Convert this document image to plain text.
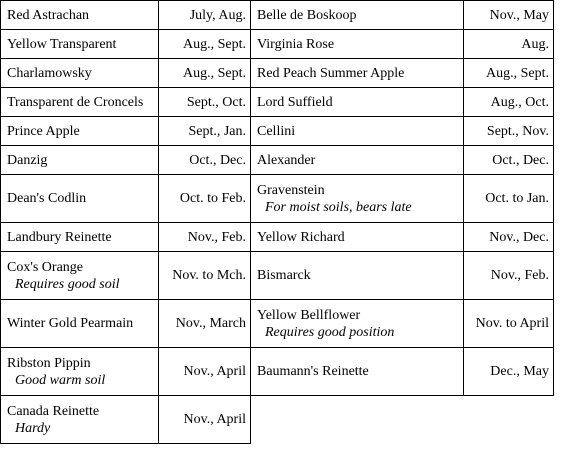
Red Astrachan	July, Aug.	Belle de Boskoop	Nov., May

Yellow Transparent	Aug., Sept.	Virginia Rose	Aug.

Charlamowsky	Aug., Sept.	Red Peach Summer Apple	Aug., Sept.

Transparent de Croncels	Sept., Oct.	Lord Suffield	Aug., Oct.

Prince Apple	Sept., Jan.	Cellini	Sept., Nov.

Danzig	Oct., Dec.	Alexander	Oct., Dec.

Dean's Codlin	Oct. to Feb.	Gravenstein
For moist soils, bears late	Oct. to Jan.

Landbury Reinette	Nov., Feb.	Yellow Richard	Nov., Dec.

Cox's Orange
Requires good soil	Nov. to Mch.	Bismarck	Nov., Feb.

Winter Gold Pearmain	Nov., March	Yellow Bellflower
Requires good position	Nov. to April

Ribston Pippin
Good warm soil	Nov., April	Baumann's Reinette	Dec., May

Canada Reinette
Hardy	Nov., April		
